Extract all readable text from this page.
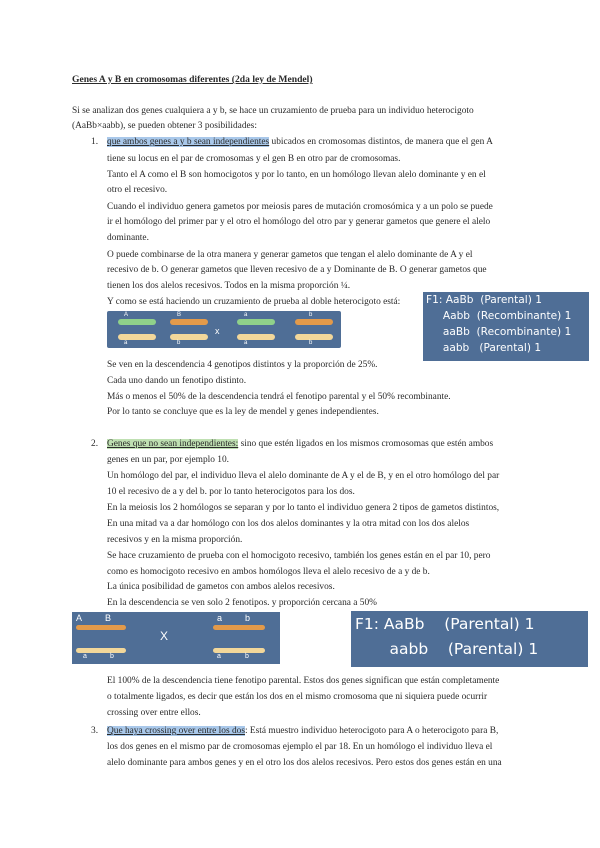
Genes A y B en cromosomas diferentes (2da ley de Mendel)
Si se analizan dos genes cualquiera a y b, se hace un cruzamiento de prueba para un individuo heterocigoto
(AaBb×aabb), se pueden obtener 3 posibilidades:
1. que ambos genes a y b sean independientes ubicados en cromosomas distintos, de manera que el gen A
tiene su locus en el par de cromosomas y el gen B en otro par de cromosomas.
Tanto el A como el B son homocigotos y por lo tanto, en un homólogo llevan alelo dominante y en el
otro el recesivo.
Cuando el individuo genera gametos por meiosis pares de mutación cromosómica y a un polo se puede
ir el homólogo del primer par y el otro el homólogo del otro par y generar gametos que genere el alelo
dominante.
O puede combinarse de la otra manera y generar gametos que tengan el alelo dominante de A y el
recesivo de b. O generar gametos que lleven recesivo de a y Dominante de B. O generar gametos que
tienen los dos alelos recesivos. Todos en la misma proporción ¼.
Y como se está haciendo un cruzamiento de prueba al doble heterocigoto está:
A
a
B
b
x
a
a
b
b
F1: AaBb  (Parental) 1
Aabb  (Recombinante) 1
aaBb  (Recombinante) 1
aabb   (Parental) 1
Se ven en la descendencia 4 genotipos distintos y la proporción de 25%.
Cada uno dando un fenotipo distinto.
Más o menos el 50% de la descendencia tendrá el fenotipo parental y el 50% recombinante.
Por lo tanto se concluye que es la ley de mendel y genes independientes.
2. Genes que no sean independientes: sino que estén ligados en los mismos cromosomas que estén ambos
genes en un par, por ejemplo 10.
Un homólogo del par, el individuo lleva el alelo dominante de A y el de B, y en el otro homólogo del par
10 el recesivo de a y del b. por lo tanto heterocigotos para los dos.
En la meiosis los 2 homólogos se separan y por lo tanto el individuo genera 2 tipos de gametos distintos,
En una mitad va a dar homólogo con los dos alelos dominantes y la otra mitad con los dos alelos
recesivos y en la misma proporción.
Se hace cruzamiento de prueba con el homocigoto recesivo, también los genes están en el par 10, pero
como es homocigoto recesivo en ambos homólogos lleva el alelo recesivo de a y de b.
La única posibilidad de gametos con ambos alelos recesivos.
En la descendencia se ven solo 2 fenotipos. y proporción cercana a 50%
A	B
a	b
X
a	b
a	b
F1: AaBb    (Parental) 1
aabb    (Parental) 1
El 100% de la descendencia tiene fenotipo parental. Estos dos genes significan que están completamente
o totalmente ligados, es decir que están los dos en el mismo cromosoma que ni siquiera puede ocurrir
crossing over entre ellos.
3. Que haya crossing over entre los dos: Está muestro individuo heterocigoto para A o heterocigoto para B,
los dos genes en el mismo par de cromosomas ejemplo el par 18. En un homólogo el individuo lleva el
alelo dominante para ambos genes y en el otro los dos alelos recesivos. Pero estos dos genes están en una
